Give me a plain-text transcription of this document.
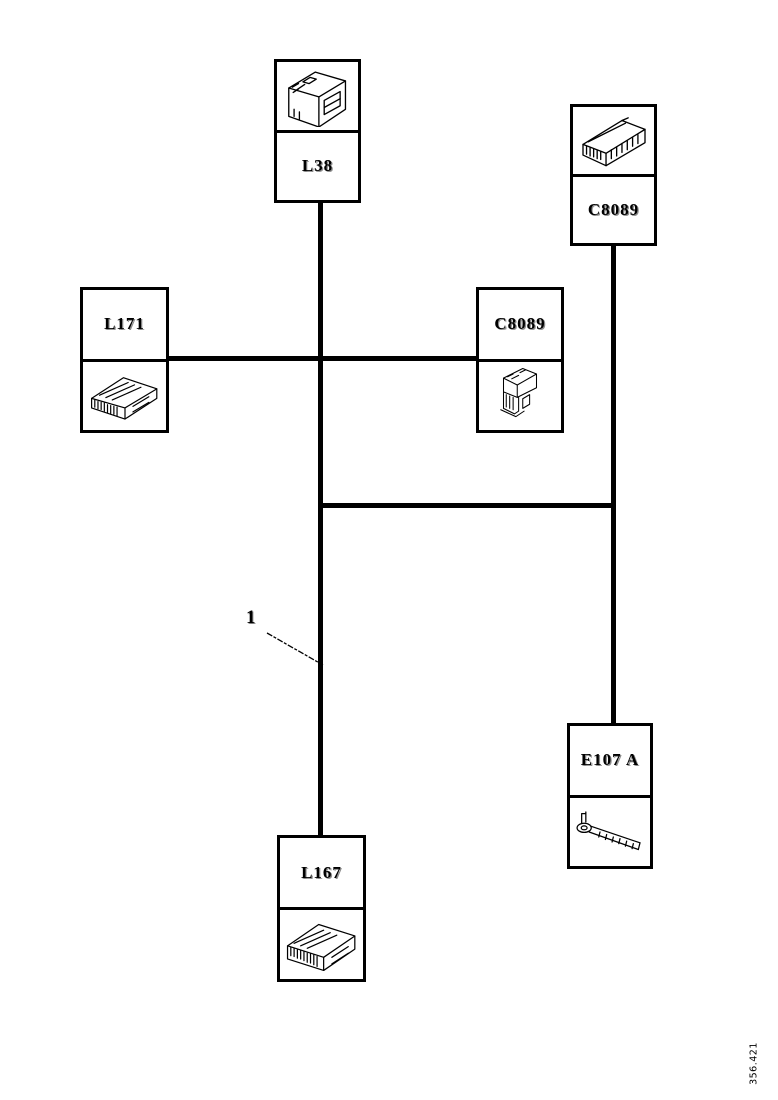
1
L38
C8089
L171	C8089
E107 A
L167
356.421
